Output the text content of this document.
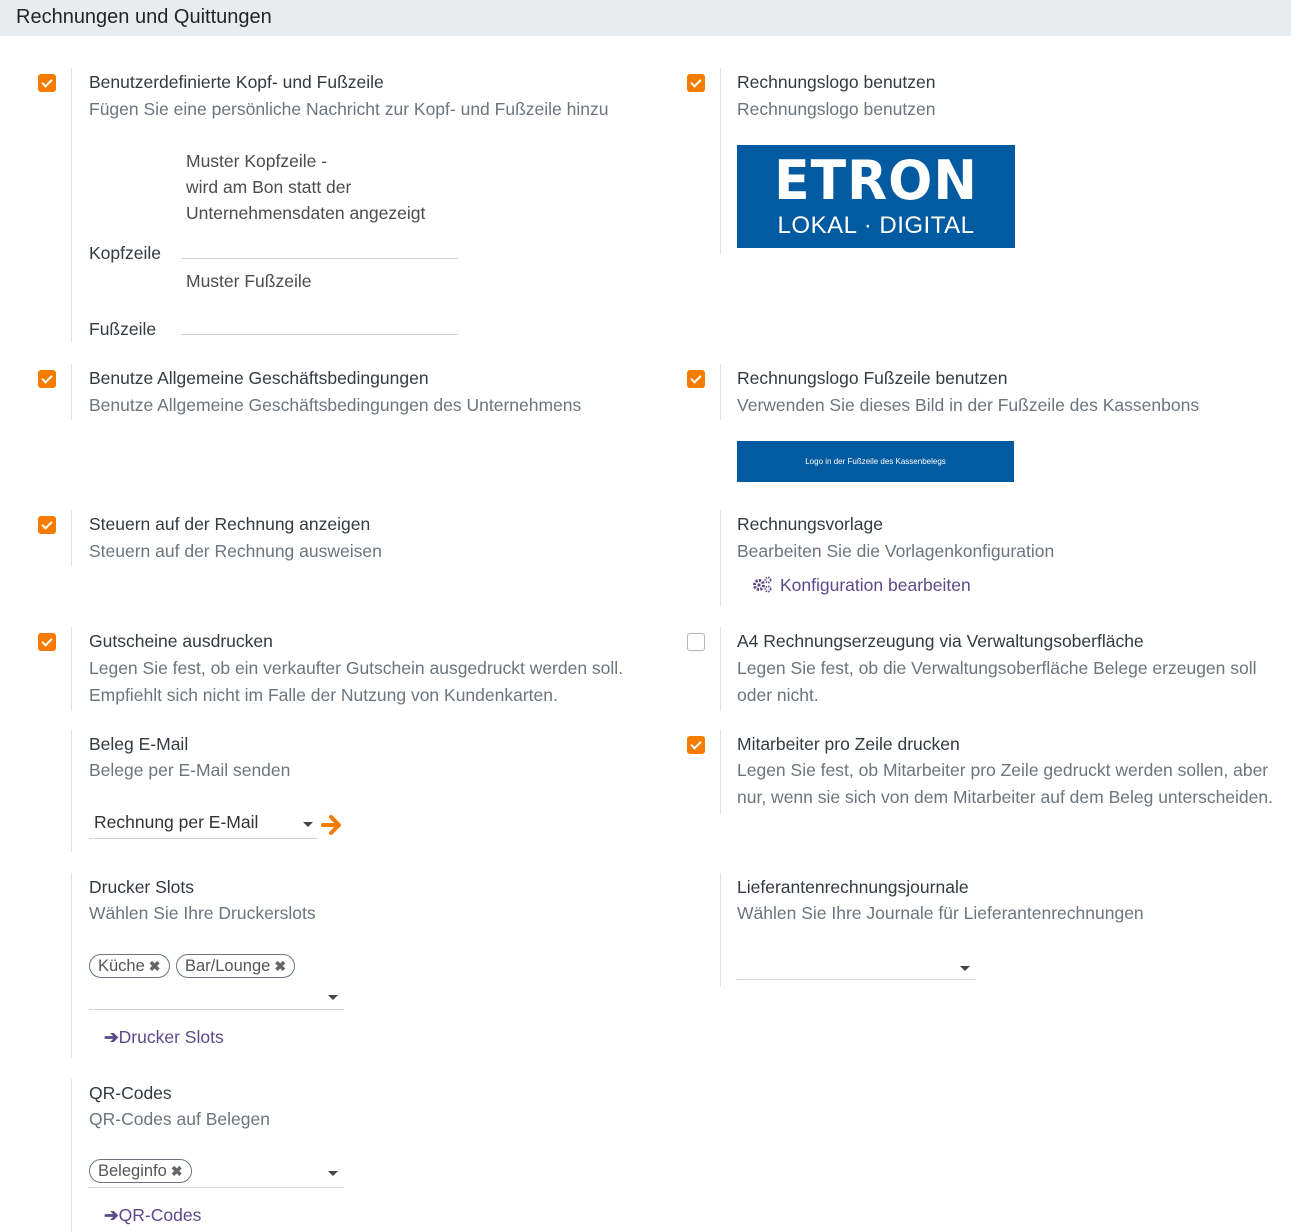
Rechnungen und Quittungen
Benutzerdefinierte Kopf- und Fußzeile
Fügen Sie eine persönliche Nachricht zur Kopf- und Fußzeile hinzu
Muster Kopfzeile -
wird am Bon statt der
Unternehmensdaten angezeigt
Kopfzeile
Muster Fußzeile
Fußzeile
Rechnungslogo benutzen
Rechnungslogo benutzen
ETRON
LOKAL · DIGITAL
Benutze Allgemeine Geschäftsbedingungen
Benutze Allgemeine Geschäftsbedingungen des Unternehmens
Rechnungslogo Fußzeile benutzen
Verwenden Sie dieses Bild in der Fußzeile des Kassenbons
Logo in der Fußzeile des Kassenbelegs
Steuern auf der Rechnung anzeigen
Steuern auf der Rechnung ausweisen
Rechnungsvorlage
Bearbeiten Sie die Vorlagenkonfiguration
Konfiguration bearbeiten
Gutscheine ausdrucken
Legen Sie fest, ob ein verkaufter Gutschein ausgedruckt werden soll. Empfiehlt sich nicht im Falle der Nutzung von Kundenkarten.
A4 Rechnungserzeugung via Verwaltungsoberfläche
Legen Sie fest, ob die Verwaltungsoberfläche Belege erzeugen soll oder nicht.
Beleg E-Mail
Belege per E-Mail senden
Rechnung per E-Mail
Mitarbeiter pro Zeile drucken
Legen Sie fest, ob Mitarbeiter pro Zeile gedruckt werden sollen, aber nur, wenn sie sich von dem Mitarbeiter auf dem Beleg unterscheiden.
Drucker Slots
Wählen Sie Ihre Druckerslots
Küche ✖	Bar/Lounge ✖
➔Drucker Slots
Lieferantenrechnungsjournale
Wählen Sie Ihre Journale für Lieferantenrechnungen
QR-Codes
QR-Codes auf Belegen
Beleginfo ✖
➔QR-Codes
